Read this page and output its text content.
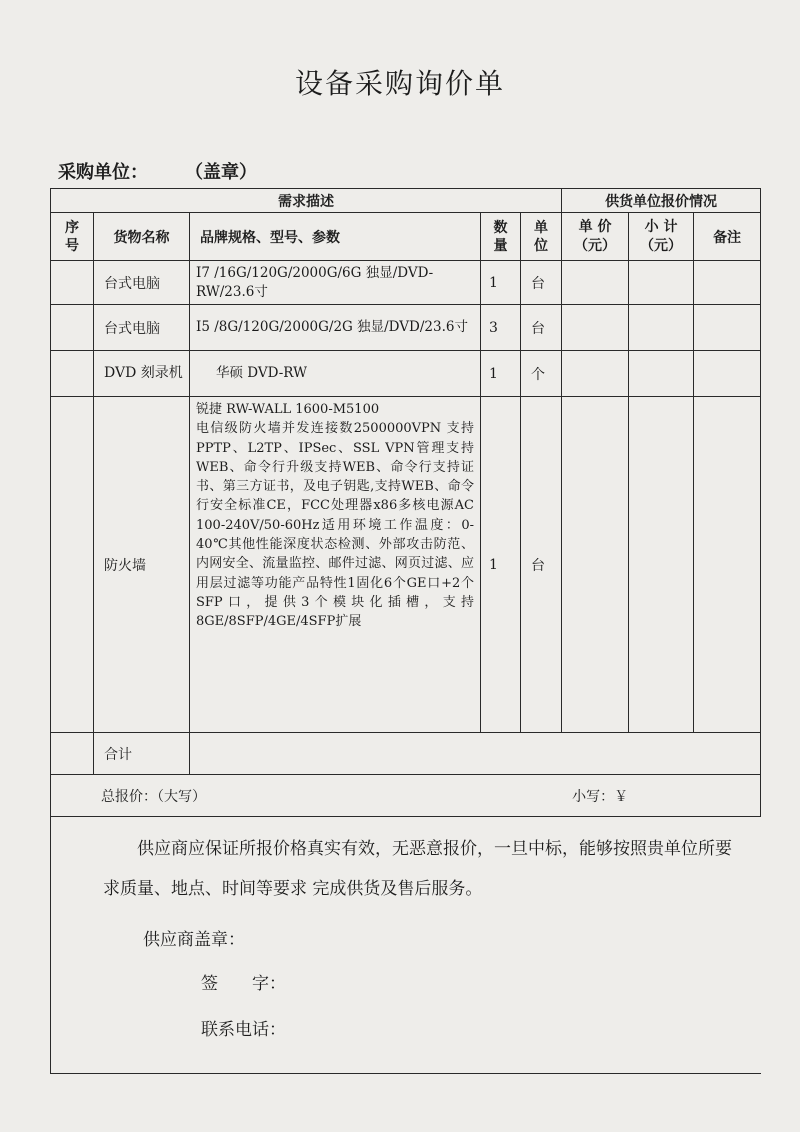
设备采购询价单
采购单位：	（盖章）
需求描述					供货单位报价情况		

序号	货物名称	品牌规格、型号、参数	数量	单位	单 价（元）	小 计（元）	备注
	台式电脑	I7 /16G/120G/2000G/6G 独显/DVD-RW/23.6寸	1	台			
	台式电脑	I5 /8G/120G/2000G/2G 独显/DVD/23.6寸	3	台			
	DVD 刻录机	华硕 DVD-RW	1	个			
	防火墙	锐捷 RW-WALL 1600-M5100
电信级防火墙并发连接数2500000VPN 支持PPTP、L2TP、IPSec、SSL VPN管理支持WEB、命令行升级支持WEB、命令行支持证书、第三方证书，及电子钥匙,支持WEB、命令行安全标准CE，FCC处理器x86多核电源AC 100-240V/50-60Hz适用环境工作温度：0-40℃其他性能深度状态检测、外部攻击防范、内网安全、流量监控、邮件过滤、网页过滤、应用层过滤等功能产品特性1固化6个GE口+2个SFP口，提供3个模块化插槽，支持8GE/8SFP/4GE/4SFP扩展	1	台			
	合计						
总报价：（大写） 小写：￥							

供应商应保证所报价格真实有效，无恶意报价，一旦中标，能够按照贵单位所要求质量、地点、时间等要求 完成供货及售后服务。

供应商盖章：
签　　字：
联系电话：							
